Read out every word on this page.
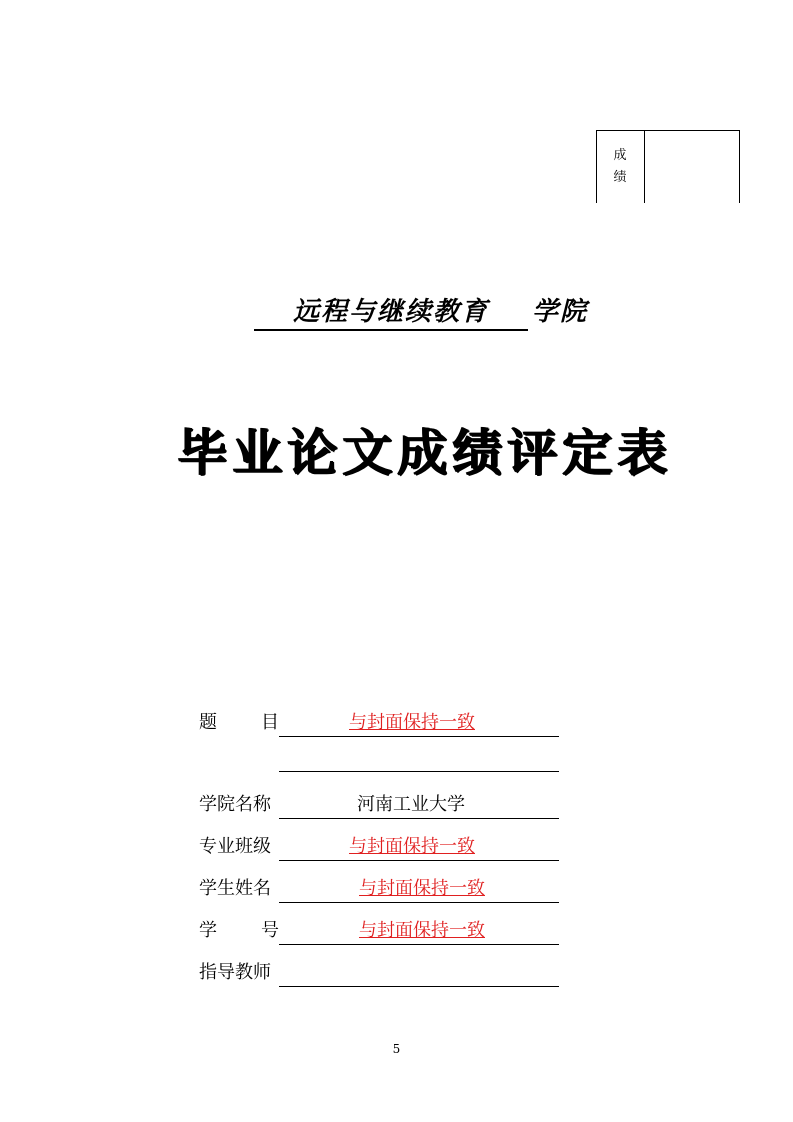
成
绩
远程与继续教育	学院
毕业论文成绩评定表
题 目	与封面保持一致
学院名称	河南工业大学
专业班级	与封面保持一致
学生姓名	与封面保持一致
学 号	与封面保持一致
指导教师
5
